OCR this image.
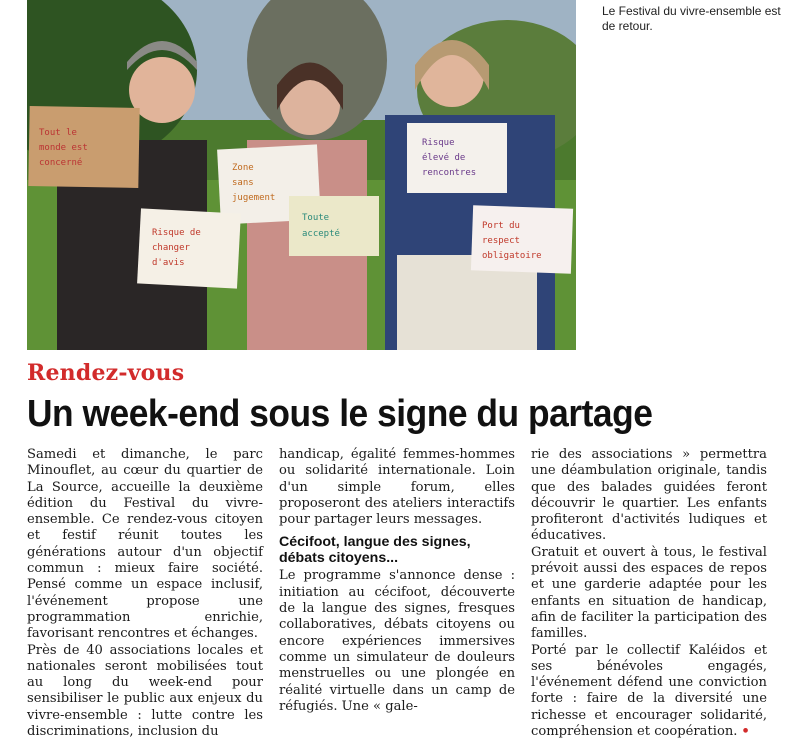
Tout le
monde est
concerné	Zone
sans
jugement
Risque
élevé de
rencontres
Risque de
changer
d'avis
Toute
accepté
Port du
respect
obligatoire
Le Festival du vivre-ensemble est de retour.
Rendez-vous
Un week-end sous le signe du partage

Samedi et dimanche, le parc Minouflet, au cœur du quartier de La Source, accueille la deuxième édition du Festival du vivre-ensemble. Ce rendez-vous citoyen et festif réunit toutes les générations autour d'un objectif commun : mieux faire société. Pensé comme un espace inclusif, l'événement propose une programmation enrichie, favorisant rencontres et échanges.

Près de 40 associations locales et nationales seront mobilisées tout au long du week-end pour sensibiliser le public aux enjeux du vivre-ensemble : lutte contre les discriminations, inclusion du

handicap, égalité femmes-hommes ou solidarité internationale. Loin d'un simple forum, elles proposeront des ateliers interactifs pour partager leurs messages.

Cécifoot, langue des signes, débats citoyens...

Le programme s'annonce dense : initiation au cécifoot, découverte de la langue des signes, fresques collaboratives, débats citoyens ou encore expériences immersives comme un simulateur de douleurs menstruelles ou une plongée en réalité virtuelle dans un camp de réfugiés. Une « gale-

rie des associations » permettra une déambulation originale, tandis que des balades guidées feront découvrir le quartier. Les enfants profiteront d'activités ludiques et éducatives.

Gratuit et ouvert à tous, le festival prévoit aussi des espaces de repos et une garderie adaptée pour les enfants en situation de handicap, afin de faciliter la participation des familles.

Porté par le collectif Kaléidos et ses bénévoles engagés, l'événement défend une conviction forte : faire de la diversité une richesse et encourager solidarité, compréhension et coopération. •
